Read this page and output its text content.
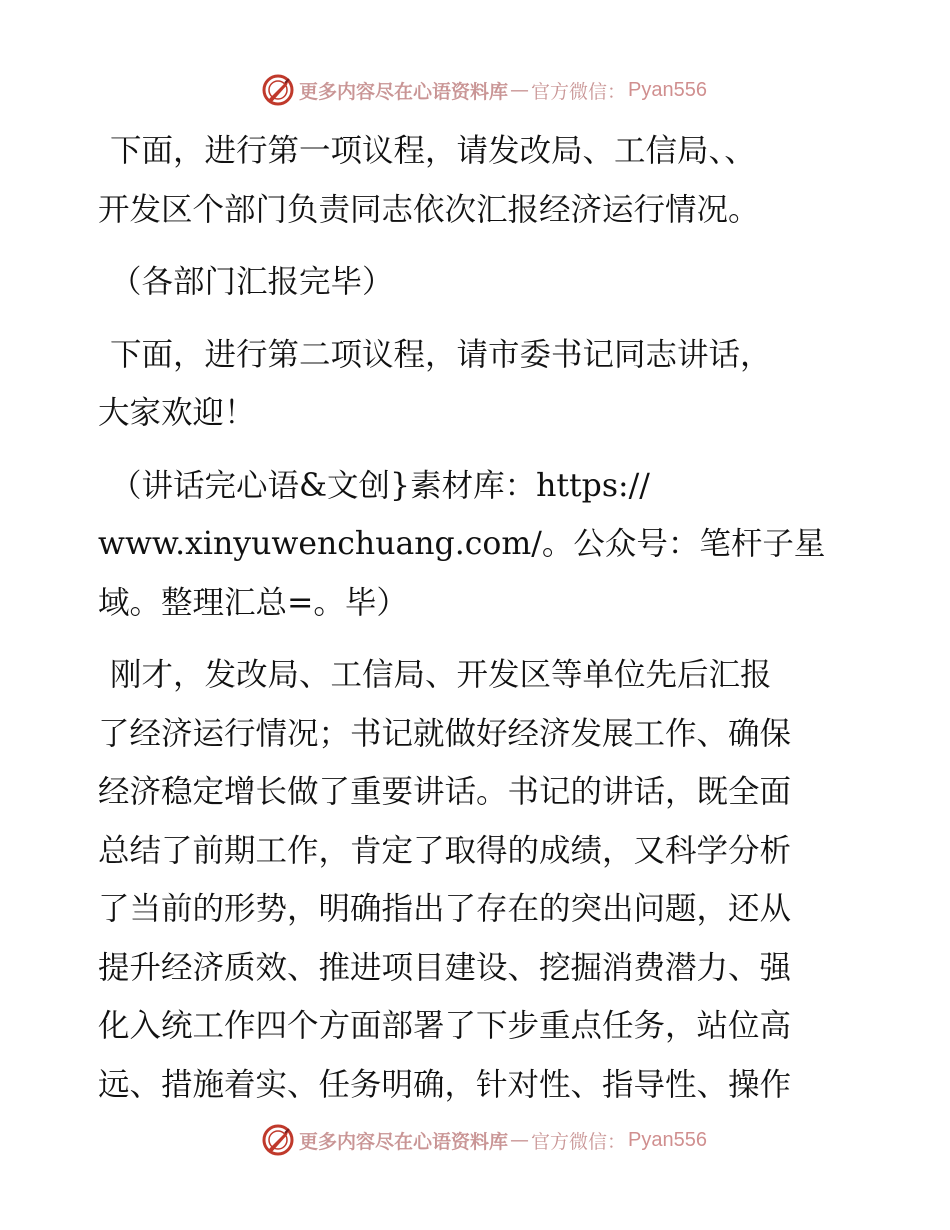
更多内容尽在心语资料库 — 官方微信： Pyan556

下面，进行第一项议程，请发改局、工信局、、
开发区个部门负责同志依次汇报经济运行情况。

（各部门汇报完毕）

下面，进行第二项议程，请市委书记同志讲话，
大家欢迎！

（讲话完心语&文创}素材库：https://
www.xinyuwenchuang.com/。公众号：笔杆子星
域。整理汇总=。毕）

刚才，发改局、工信局、开发区等单位先后汇报
了经济运行情况；书记就做好经济发展工作、确保
经济稳定增长做了重要讲话。书记的讲话，既全面
总结了前期工作，肯定了取得的成绩，又科学分析
了当前的形势，明确指出了存在的突出问题，还从
提升经济质效、推进项目建设、挖掘消费潜力、强
化入统工作四个方面部署了下步重点任务，站位高
远、措施着实、任务明确，针对性、指导性、操作

更多内容尽在心语资料库 — 官方微信： Pyan556
